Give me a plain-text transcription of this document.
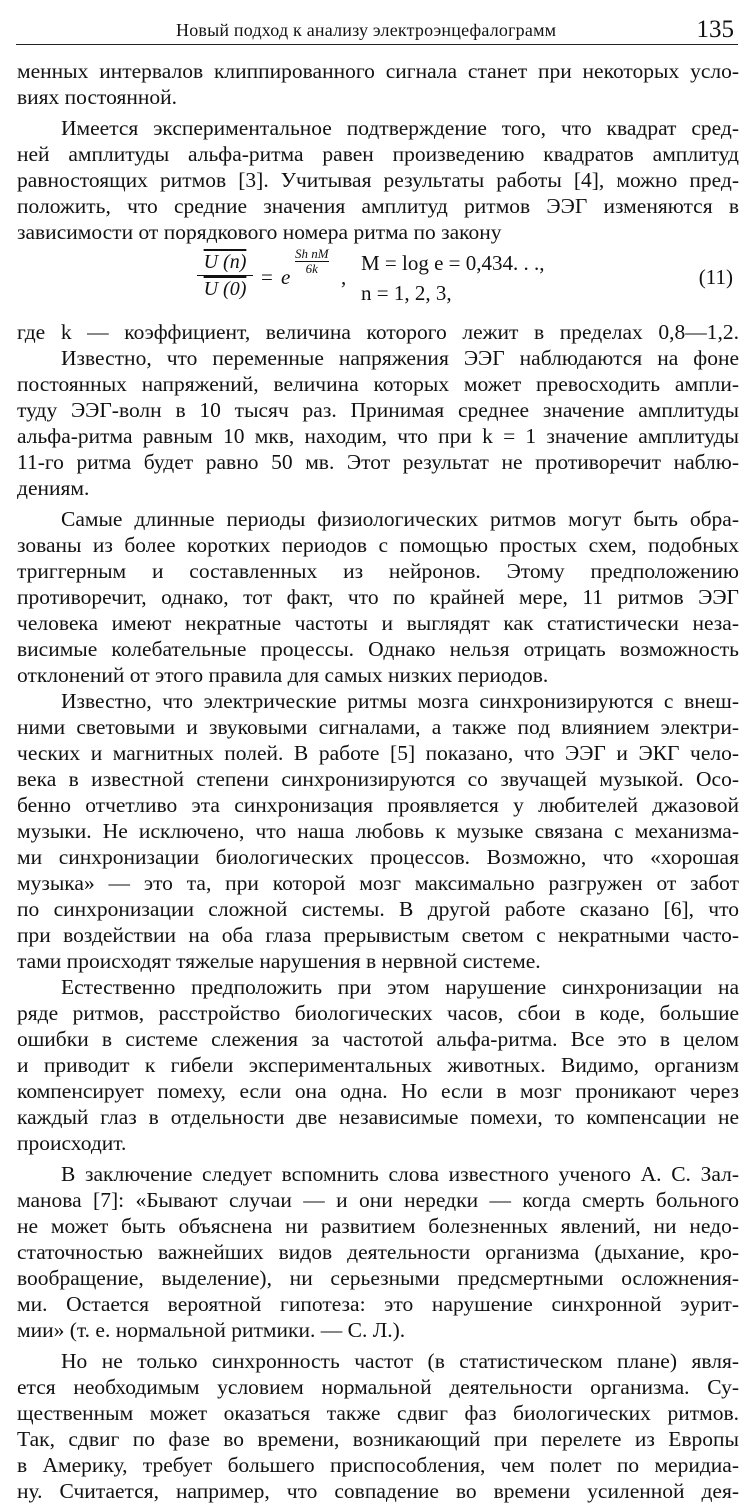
Новый подход к анализу электроэнцефалограмм	135
менных интервалов клиппированного сигнала станет при некоторых усло-
виях постоянной.
Имеется экспериментальное подтверждение того, что квадрат сред-
ней амплитуды альфа-ритма равен произведению квадратов амплитуд
равностоящих ритмов [3]. Учитывая результаты работы [4], можно пред-
положить, что средние значения амплитуд ритмов ЭЭГ изменяются в
зависимости от порядкового номера ритма по закону
$\frac{U (n)}{U (0)} = e$
$\frac{\text{Sh nM}}{6k}$
,
M = log e = 0,434. . .,
n = 1, 2, 3,
(11)
где k — коэффициент, величина которого лежит в пределах 0,8—1,2.
Известно, что переменные напряжения ЭЭГ наблюдаются на фоне
постоянных напряжений, величина которых может превосходить ампли-
туду ЭЭГ-волн в 10 тысяч раз. Принимая среднее значение амплитуды
альфа-ритма равным 10 мкв, находим, что при k = 1 значение амплитуды
11-го ритма будет равно 50 мв. Этот результат не противоречит наблю-
дениям.
Самые длинные периоды физиологических ритмов могут быть обра-
зованы из более коротких периодов с помощью простых схем, подобных
триггерным и составленных из нейронов. Этому предположению
противоречит, однако, тот факт, что по крайней мере, 11 ритмов ЭЭГ
человека имеют некратные частоты и выглядят как статистически неза-
висимые колебательные процессы. Однако нельзя отрицать возможность
отклонений от этого правила для самых низких периодов.
Известно, что электрические ритмы мозга синхронизируются с внеш-
ними световыми и звуковыми сигналами, а также под влиянием электри-
ческих и магнитных полей. В работе [5] показано, что ЭЭГ и ЭКГ чело-
века в известной степени синхронизируются со звучащей музыкой. Осо-
бенно отчетливо эта синхронизация проявляется у любителей джазовой
музыки. Не исключено, что наша любовь к музыке связана с механизма-
ми синхронизации биологических процессов. Возможно, что «хорошая
музыка» — это та, при которой мозг максимально разгружен от забот
по синхронизации сложной системы. В другой работе сказано [6], что
при воздействии на оба глаза прерывистым светом с некратными часто-
тами происходят тяжелые нарушения в нервной системе.
Естественно предположить при этом нарушение синхронизации на
ряде ритмов, расстройство биологических часов, сбои в коде, большие
ошибки в системе слежения за частотой альфа-ритма. Все это в целом
и приводит к гибели экспериментальных животных. Видимо, организм
компенсирует помеху, если она одна. Но если в мозг проникают через
каждый глаз в отдельности две независимые помехи, то компенсации не
происходит.
В заключение следует вспомнить слова известного ученого А. С. Зал-
манова [7]: «Бывают случаи — и они нередки — когда смерть больного
не может быть объяснена ни развитием болезненных явлений, ни недо-
статочностью важнейших видов деятельности организма (дыхание, кро-
вообращение, выделение), ни серьезными предсмертными осложнения-
ми. Остается вероятной гипотеза: это нарушение синхронной эурит-
мии» (т. е. нормальной ритмики. — С. Л.).
Но не только синхронность частот (в статистическом плане) явля-
ется необходимым условием нормальной деятельности организма. Су-
щественным может оказаться также сдвиг фаз биологических ритмов.
Так, сдвиг по фазе во времени, возникающий при перелете из Европы
в Америку, требует большего приспособления, чем полет по меридиа-
ну. Считается, например, что совпадение во времени усиленной дея-
